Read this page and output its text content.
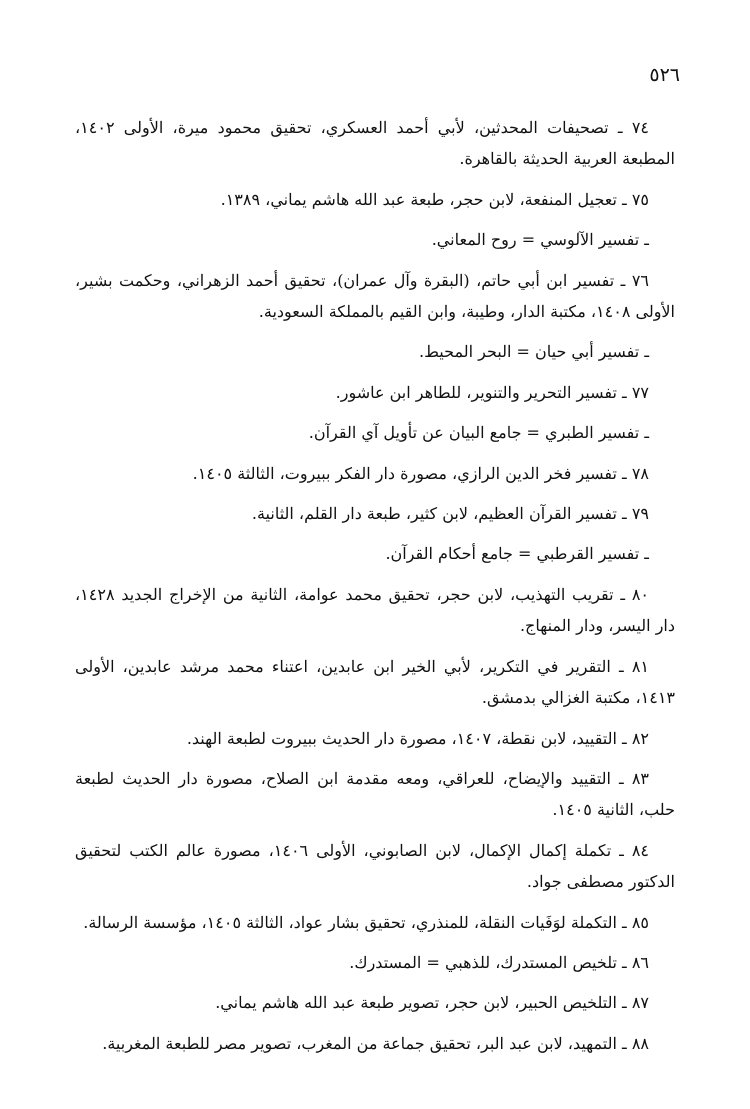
٥٢٦

٧٤ ـ تصحيفات المحدثين، لأبي أحمد العسكري، تحقيق محمود ميرة، الأولى ١٤٠٢، المطبعة العربية الحديثة بالقاهرة.

٧٥ ـ تعجيل المنفعة، لابن حجر، طبعة عبد الله هاشم يماني، ١٣٨٩.

ـ تفسير الآلوسي = روح المعاني.

٧٦ ـ تفسير ابن أبي حاتم، (البقرة وآل عمران)، تحقيق أحمد الزهراني، وحكمت بشير، الأولى ١٤٠٨، مكتبة الدار، وطيبة، وابن القيم بالمملكة السعودية.

ـ تفسير أبي حيان = البحر المحيط.

٧٧ ـ تفسير التحرير والتنوير، للطاهر ابن عاشور.

ـ تفسير الطبري = جامع البيان عن تأويل آي القرآن.

٧٨ ـ تفسير فخر الدين الرازي، مصورة دار الفكر ببيروت، الثالثة ١٤٠٥.

٧٩ ـ تفسير القرآن العظيم، لابن كثير، طبعة دار القلم، الثانية.

ـ تفسير القرطبي = جامع أحكام القرآن.

٨٠ ـ تقريب التهذيب، لابن حجر، تحقيق محمد عوامة، الثانية من الإخراج الجديد ١٤٢٨، دار اليسر، ودار المنهاج.

٨١ ـ التقرير في التكرير، لأبي الخير ابن عابدين، اعتناء محمد مرشد عابدين، الأولى ١٤١٣، مكتبة الغزالي بدمشق.

٨٢ ـ التقييد، لابن نقطة، ١٤٠٧، مصورة دار الحديث ببيروت لطبعة الهند.

٨٣ ـ التقييد والإيضاح، للعراقي، ومعه مقدمة ابن الصلاح، مصورة دار الحديث لطبعة حلب، الثانية ١٤٠٥.

٨٤ ـ تكملة إكمال الإكمال، لابن الصابوني، الأولى ١٤٠٦، مصورة عالم الكتب لتحقيق الدكتور مصطفى جواد.

٨٥ ـ التكملة لوَفَيات النقلة، للمنذري، تحقيق بشار عواد، الثالثة ١٤٠٥، مؤسسة الرسالة.

٨٦ ـ تلخيص المستدرك، للذهبي = المستدرك.

٨٧ ـ التلخيص الحبير، لابن حجر، تصوير طبعة عبد الله هاشم يماني.

٨٨ ـ التمهيد، لابن عبد البر، تحقيق جماعة من المغرب، تصوير مصر للطبعة المغربية.
